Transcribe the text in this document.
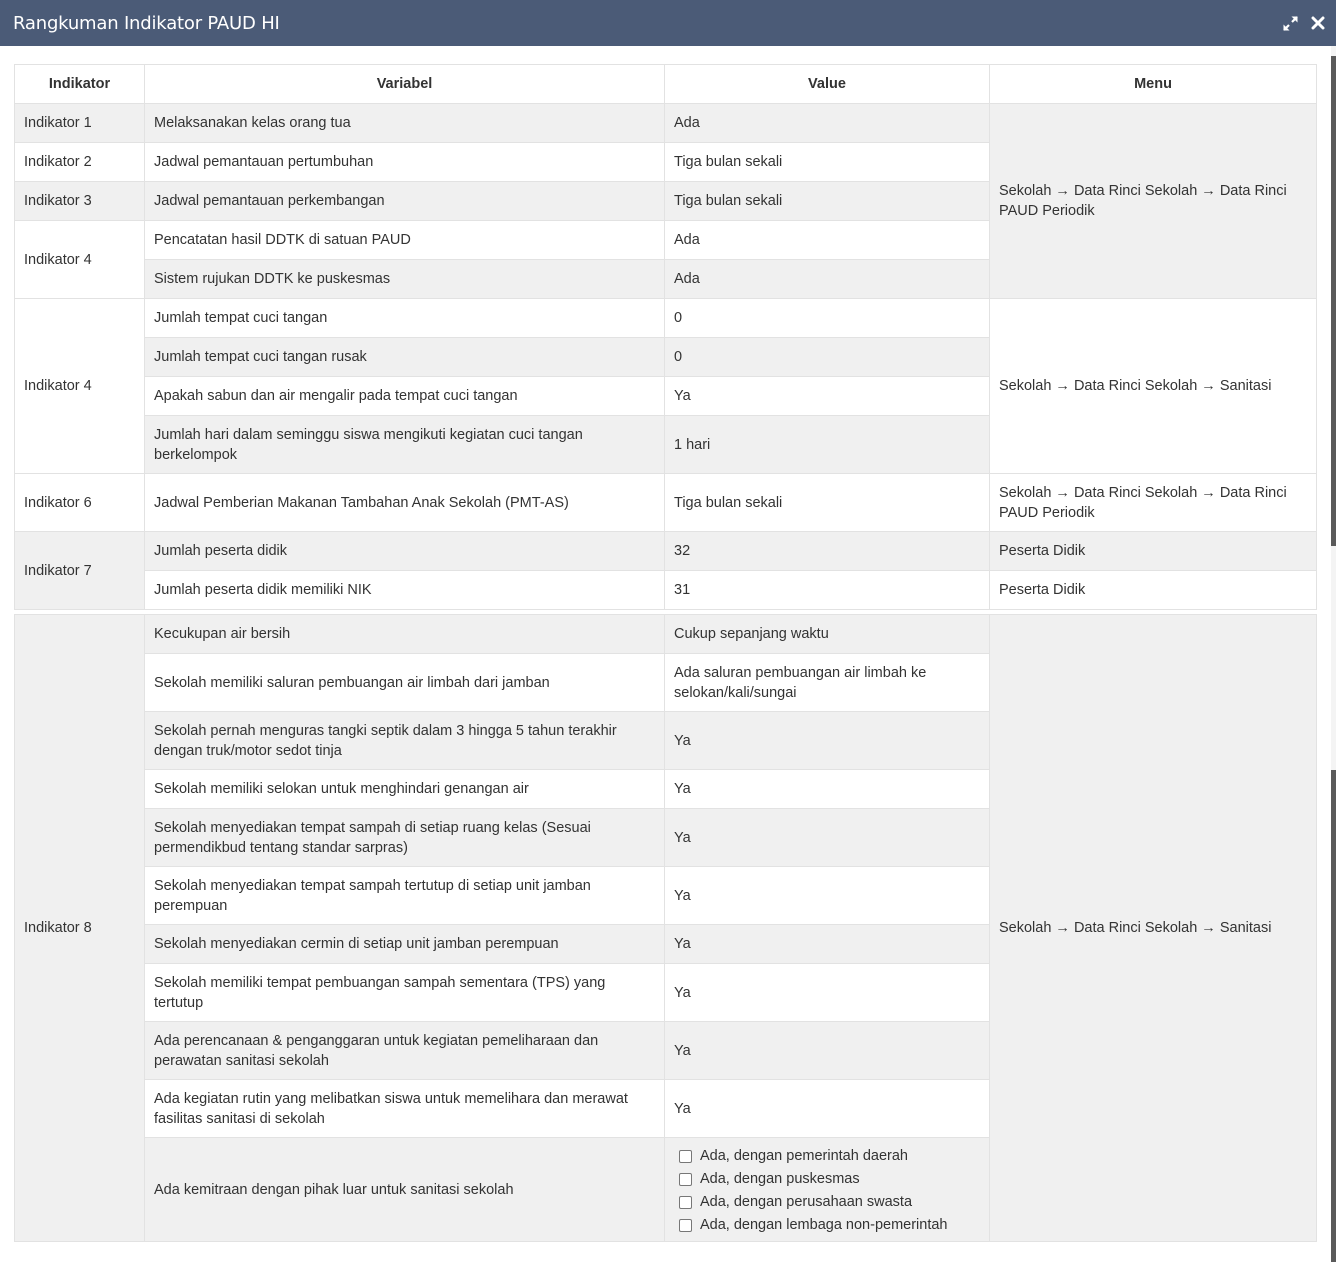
Rangkuman Indikator PAUD HI
Indikator	Variabel	Value	Menu
Indikator 1	Melaksanakan kelas orang tua	Ada	Sekolah → Data Rinci Sekolah → Data Rinci PAUD Periodik
Indikator 2	Jadwal pemantauan pertumbuhan	Tiga bulan sekali	
Indikator 3	Jadwal pemantauan perkembangan	Tiga bulan sekali	
Indikator 4	Pencatatan hasil DDTK di satuan PAUD	Ada	
	Sistem rujukan DDTK ke puskesmas	Ada	
Indikator 4	Jumlah tempat cuci tangan	0	Sekolah → Data Rinci Sekolah → Sanitasi
	Jumlah tempat cuci tangan rusak	0	
	Apakah sabun dan air mengalir pada tempat cuci tangan	Ya	
	Jumlah hari dalam seminggu siswa mengikuti kegiatan cuci tangan berkelompok	1 hari	
Indikator 6	Jadwal Pemberian Makanan Tambahan Anak Sekolah (PMT-AS)	Tiga bulan sekali	Sekolah → Data Rinci Sekolah → Data Rinci PAUD Periodik
Indikator 7	Jumlah peserta didik	32	Peserta Didik
	Jumlah peserta didik memiliki NIK	31	Peserta Didik

Indikator 8	Kecukupan air bersih	Cukup sepanjang waktu	Sekolah → Data Rinci Sekolah → Sanitasi
	Sekolah memiliki saluran pembuangan air limbah dari jamban	Ada saluran pembuangan air limbah ke selokan/kali/sungai	
	Sekolah pernah menguras tangki septik dalam 3 hingga 5 tahun terakhir dengan truk/motor sedot tinja	Ya	
	Sekolah memiliki selokan untuk menghindari genangan air	Ya	
	Sekolah menyediakan tempat sampah di setiap ruang kelas (Sesuai permendikbud tentang standar sarpras)	Ya	
	Sekolah menyediakan tempat sampah tertutup di setiap unit jamban perempuan	Ya	
	Sekolah menyediakan cermin di setiap unit jamban perempuan	Ya	
	Sekolah memiliki tempat pembuangan sampah sementara (TPS) yang tertutup	Ya	
	Ada perencanaan & penganggaran untuk kegiatan pemeliharaan dan perawatan sanitasi sekolah	Ya	
	Ada kegiatan rutin yang melibatkan siswa untuk memelihara dan merawat fasilitas sanitasi di sekolah	Ya	
	Ada kemitraan dengan pihak luar untuk sanitasi sekolah	Ada, dengan pemerintah daerah
Ada, dengan puskesmas
Ada, dengan perusahaan swasta
Ada, dengan lembaga non-pemerintah	
